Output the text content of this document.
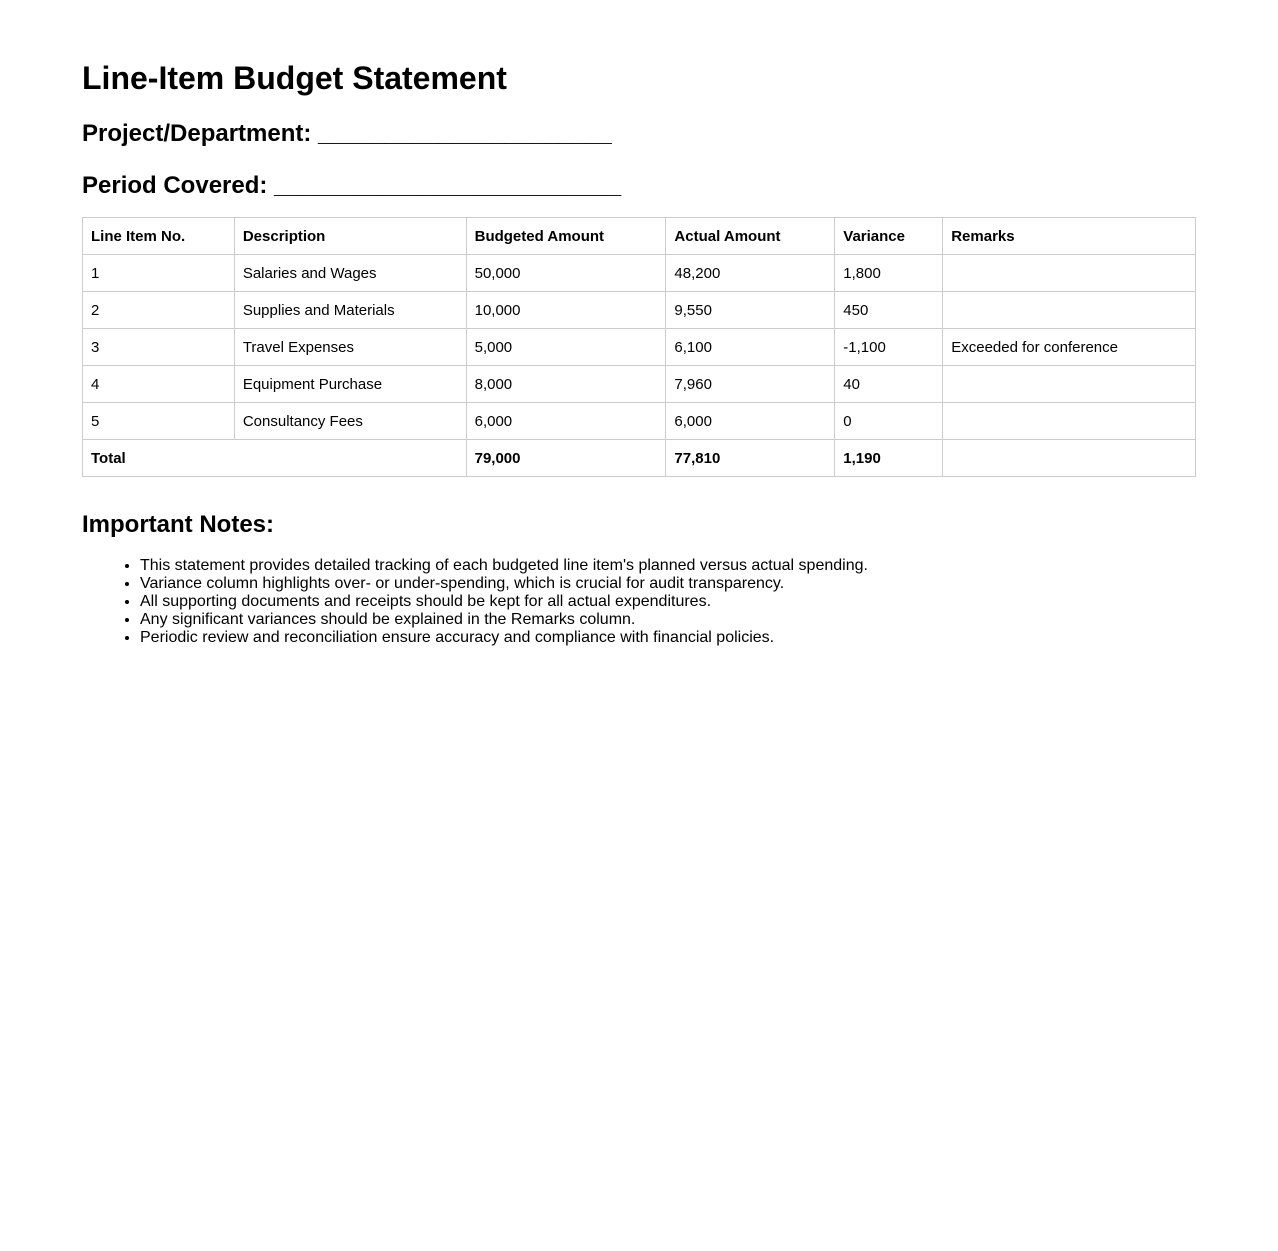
Line-Item Budget Statement
Project/Department: ______________________
Period Covered: __________________________
Line Item No.	Description	Budgeted Amount	Actual Amount	Variance	Remarks
1	Salaries and Wages	50,000	48,200	1,800	
2	Supplies and Materials	10,000	9,550	450	
3	Travel Expenses	5,000	6,100	-1,100	Exceeded for conference
4	Equipment Purchase	8,000	7,960	40	
5	Consultancy Fees	6,000	6,000	0	
Total		79,000	77,810	1,190	
Important Notes:
• This statement provides detailed tracking of each budgeted line item's planned versus actual spending.
• Variance column highlights over- or under-spending, which is crucial for audit transparency.
• All supporting documents and receipts should be kept for all actual expenditures.
• Any significant variances should be explained in the Remarks column.
• Periodic review and reconciliation ensure accuracy and compliance with financial policies.
